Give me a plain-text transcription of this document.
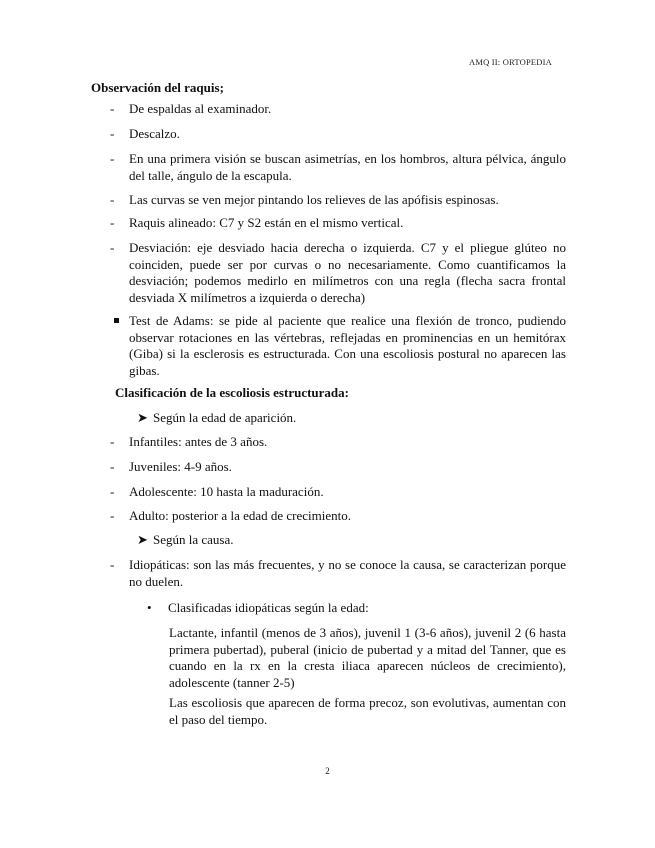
AMQ II: ORTOPEDIA
Observación del raquis;
- De espaldas al examinador.
- Descalzo.
- En una primera visión se buscan asimetrías, en los hombros, altura pélvica, ángulo del talle, ángulo de la escapula.
- Las curvas se ven mejor pintando los relieves de las apófisis espinosas.
- Raquis alineado: C7 y S2 están en el mismo vertical.
- Desviación: eje desviado hacia derecha o izquierda. C7 y el pliegue glúteo no coinciden, puede ser por curvas o no necesariamente. Como cuantificamos la desviación; podemos medirlo en milímetros con una regla (flecha sacra frontal desviada X milímetros a izquierda o derecha)
Test de Adams: se pide al paciente que realice una flexión de tronco, pudiendo observar rotaciones en las vértebras, reflejadas en prominencias en un hemitórax (Giba) si la esclerosis es estructurada. Con una escoliosis postural no aparecen las gibas.
Clasificación de la escoliosis estructurada:
➤ Según la edad de aparición.
- Infantiles: antes de 3 años.
- Juveniles: 4-9 años.
- Adolescente: 10 hasta la maduración.
- Adulto: posterior a la edad de crecimiento.
➤ Según la causa.
- Idiopáticas: son las más frecuentes, y no se conoce la causa, se caracterizan porque no duelen.
• Clasificadas idiopáticas según la edad:
Lactante, infantil (menos de 3 años), juvenil 1 (3-6 años), juvenil 2 (6 hasta primera pubertad), puberal (inicio de pubertad y a mitad del Tanner, que es cuando en la rx en la cresta iliaca aparecen núcleos de crecimiento), adolescente (tanner 2-5)
Las escoliosis que aparecen de forma precoz, son evolutivas, aumentan con el paso del tiempo.
2
